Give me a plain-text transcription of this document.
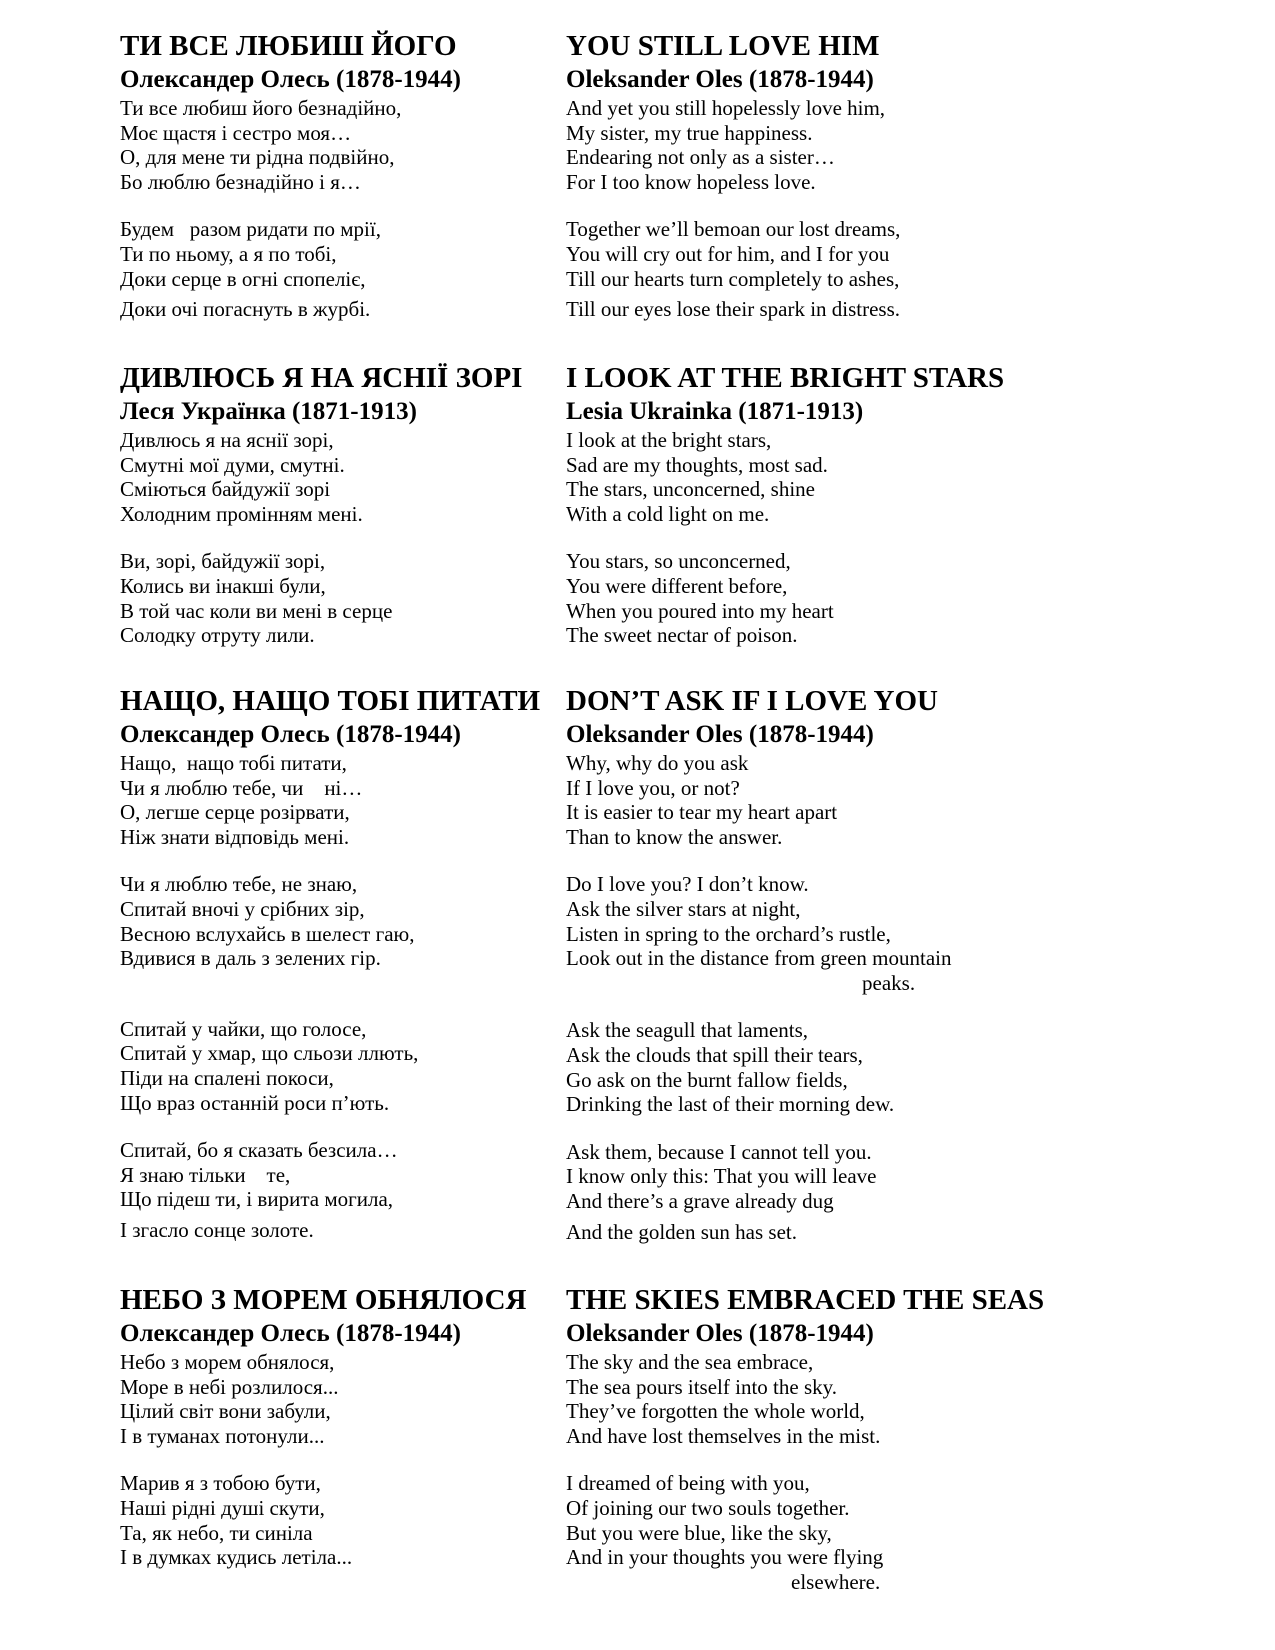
ТИ ВСЕ ЛЮБИШ ЙОГО
Олександер Олесь (1878-1944)
Ти все любиш його безнадійно,
Моє щастя і сестро моя…
О, для мене ти рідна подвійно,
Бо люблю безнадійно і я…
Будем   разом ридати по мрії,
Ти по ньому, а я по тобі,
Доки серце в огні спопеліє,
Доки очі погаснуть в журбі.
YOU STILL LOVE HIM
Oleksander Oles (1878-1944)
And yet you still hopelessly love him,
My sister, my true happiness.
Endearing not only as a sister…
For I too know hopeless love.
Together we’ll bemoan our lost dreams,
You will cry out for him, and I for you
Till our hearts turn completely to ashes,
Till our eyes lose their spark in distress.
ДИВЛЮСЬ Я НА ЯСНІЇ ЗОРІ
Леся Українка (1871-1913)
Дивлюсь я на яснії зорі,
Смутні мої думи, смутні.
Сміються байдужії зорі
Холодним промінням мені.
Ви, зорі, байдужії зорі,
Колись ви інакші були,
В той час коли ви мені в серце
Солодку отруту лили.
I LOOK AT THE BRIGHT STARS
Lesia Ukrainka (1871-1913)
I look at the bright stars,
Sad are my thoughts, most sad.
The stars, unconcerned, shine
With a cold light on me.
You stars, so unconcerned,
You were different before,
When you poured into my heart
The sweet nectar of poison.
НАЩО, НАЩО ТОБІ ПИТАТИ
Олександер Олесь (1878-1944)
Нащо,  нащо тобі питати,
Чи я люблю тебе, чи    ні…
О, легше серце розірвати,
Ніж знати відповідь мені.
Чи я люблю тебе, не знаю,
Спитай вночі у срібних зір,
Весною вслухайсь в шелест гаю,
Вдивися в даль з зелених гір.
Спитай у чайки, що голосе,
Спитай у хмар, що сльози ллють,
Піди на спалені покоси,
Що враз останній роси п’ють.
Спитай, бо я сказать безсила…
Я знаю тільки    те,
Що підеш ти, і вирита могила,
І згасло сонце золоте.
DON’T ASK IF I LOVE YOU
Oleksander Oles (1878-1944)
Why, why do you ask
If I love you, or not?
It is easier to tear my heart apart
Than to know the answer.
Do I love you? I don’t know.
Ask the silver stars at night,
Listen in spring to the orchard’s rustle,
Look out in the distance from green mountain
peaks.
Ask the seagull that laments,
Ask the clouds that spill their tears,
Go ask on the burnt fallow fields,
Drinking the last of their morning dew.
Ask them, because I cannot tell you.
I know only this: That you will leave
And there’s a grave already dug
And the golden sun has set.
НЕБО З МОРЕМ ОБНЯЛОСЯ
Олександер Олесь (1878-1944)
Небо з морем обнялося,
Море в небі розлилося...
Цілий світ вони забули,
І в туманах потонули...
Марив я з тобою бути,
Наші рідні душі скути,
Та, як небо, ти синіла
І в думках кудись летіла...
THE SKIES EMBRACED THE SEAS
Oleksander Oles (1878-1944)
The sky and the sea embrace,
The sea pours itself into the sky.
They’ve forgotten the whole world,
And have lost themselves in the mist.
I dreamed of being with you,
Of joining our two souls together.
But you were blue, like the sky,
And in your thoughts you were flying
elsewhere.
